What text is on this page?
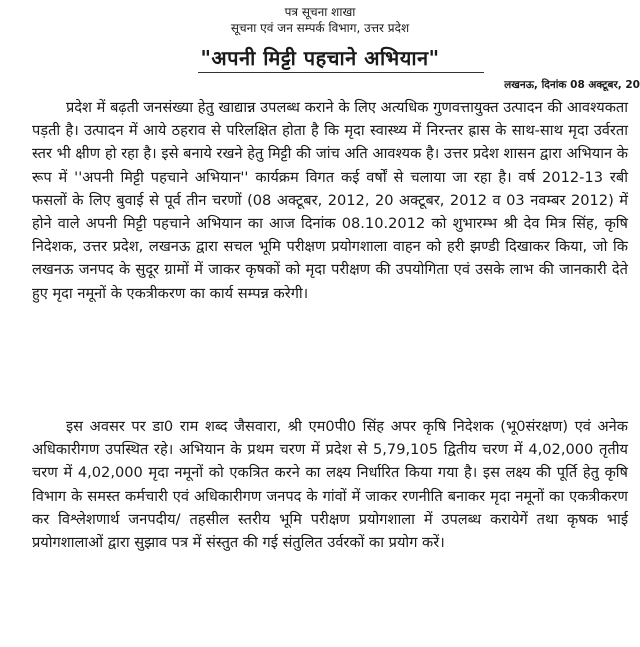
पत्र सूचना शाखा
सूचना एवं जन सम्पर्क विभाग, उत्तर प्रदेश
"अपनी मिट्टी पहचाने अभियान"
लखनऊ, दिनांक 08 अक्टूबर, 20

प्रदेश में बढ़ती जनसंख्या हेतु खाद्यान्न उपलब्ध कराने के लिए अत्यधिक गुणवत्तायुक्त उत्पादन की आवश्यकता पड़ती है। उत्पादन में आये ठहराव से परिलक्षित होता है कि मृदा स्वास्थ्य में निरन्तर ह्रास के साथ-साथ मृदा उर्वरता स्तर भी क्षीण हो रहा है। इसे बनाये रखने हेतु मिट्टी की जांच अति आवश्यक है। उत्तर प्रदेश शासन द्वारा अभियान के रूप में ''अपनी मिट्टी पहचाने अभियान'' कार्यक्रम विगत कई वर्षों से चलाया जा रहा है। वर्ष 2012-13 रबी फसलों के लिए बुवाई से पूर्व तीन चरणों (08 अक्टूबर, 2012, 20 अक्टूबर, 2012 व 03 नवम्बर 2012) में होने वाले अपनी मिट्टी पहचाने अभियान का आज दिनांक 08.10.2012 को शुभारम्भ श्री देव मित्र सिंह, कृषि निदेशक, उत्तर प्रदेश, लखनऊ द्वारा सचल भूमि परीक्षण प्रयोगशाला वाहन को हरी झण्डी दिखाकर किया, जो कि लखनऊ जनपद के सुदूर ग्रामों में जाकर कृषकों को मृदा परीक्षण की उपयोगिता एवं उसके लाभ की जानकारी देते हुए मृदा नमूनों के एकत्रीकरण का कार्य सम्पन्न करेगी।

इस अवसर पर डा0 राम शब्द जैसवारा, श्री एम0पी0 सिंह अपर कृषि निदेशक (भू0संरक्षण) एवं अनेक अधिकारीगण उपस्थित रहे। अभियान के प्रथम चरण में प्रदेश से 5,79,105 द्वितीय चरण में 4,02,000 तृतीय चरण में 4,02,000 मृदा नमूनों को एकत्रित करने का लक्ष्य निर्धारित किया गया है। इस लक्ष्य की पूर्ति हेतु कृषि विभाग के समस्त कर्मचारी एवं अधिकारीगण जनपद के गांवों में जाकर रणनीति बनाकर मृदा नमूनों का एकत्रीकरण कर विश्लेशणार्थ जनपदीय/ तहसील स्तरीय भूमि परीक्षण प्रयोगशाला में उपलब्ध करायेगें तथा कृषक भाई प्रयोगशालाओं द्वारा सुझाव पत्र में संस्तुत की गई संतुलित उर्वरकों का प्रयोग करें।
